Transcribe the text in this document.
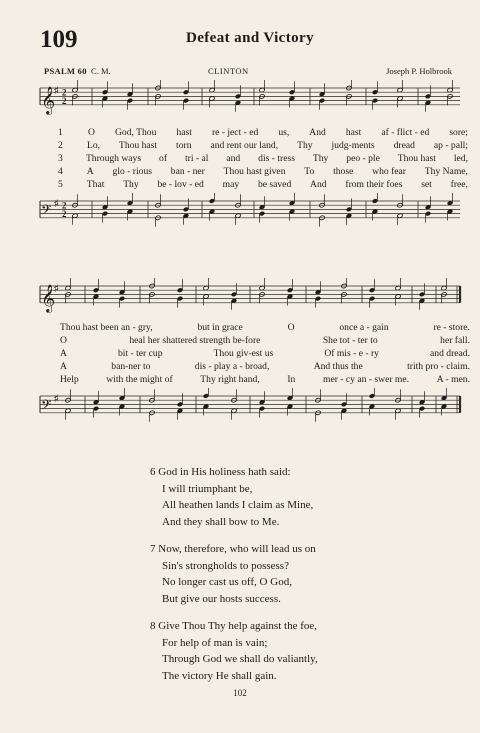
109	Defeat and Victory
PSALM 60 C. M.	CLINTON	Joseph P. Holbrook
𝄞
♯ 2
2
1	O God, Thou hast re - ject - ed us, And hast af - flict - ed sore;
2	Lo, Thou hast torn and rent our land, Thy judg-ments dread ap - pall;
3	Through ways of tri - al and dis - tress Thy peo - ple Thou hast led,
4	A glo - rious ban - ner Thou hast given To those who fear Thy Name,
5	That Thy be - lov - ed may be saved And from their foes set free,
𝄢 ♯ 2
2
𝄞
♯
Thou hast been an - gry,	but in grace	O	once a - gain	re - store.
O	heal her shattered strength be-fore	She tot - ter to	her fall.
A	bit - ter cup	Thou giv-est us	Of mis - e - ry	and dread.
A	ban-ner to	dis - play a - broad,	And thus the	trith pro - claim.
Help	with the might of	Thy right hand,	In	mer - cy an - swer me.	A - men.
𝄢 ♯
6 God in His holiness hath said:
I will triumphant be,
All heathen lands I claim as Mine,
And they shall bow to Me.
7 Now, therefore, who will lead us on
Sin's strongholds to possess?
No longer cast us off, O God,
But give our hosts success.
8 Give Thou Thy help against the foe,
For help of man is vain;
Through God we shall do valiantly,
The victory He shall gain.
102
